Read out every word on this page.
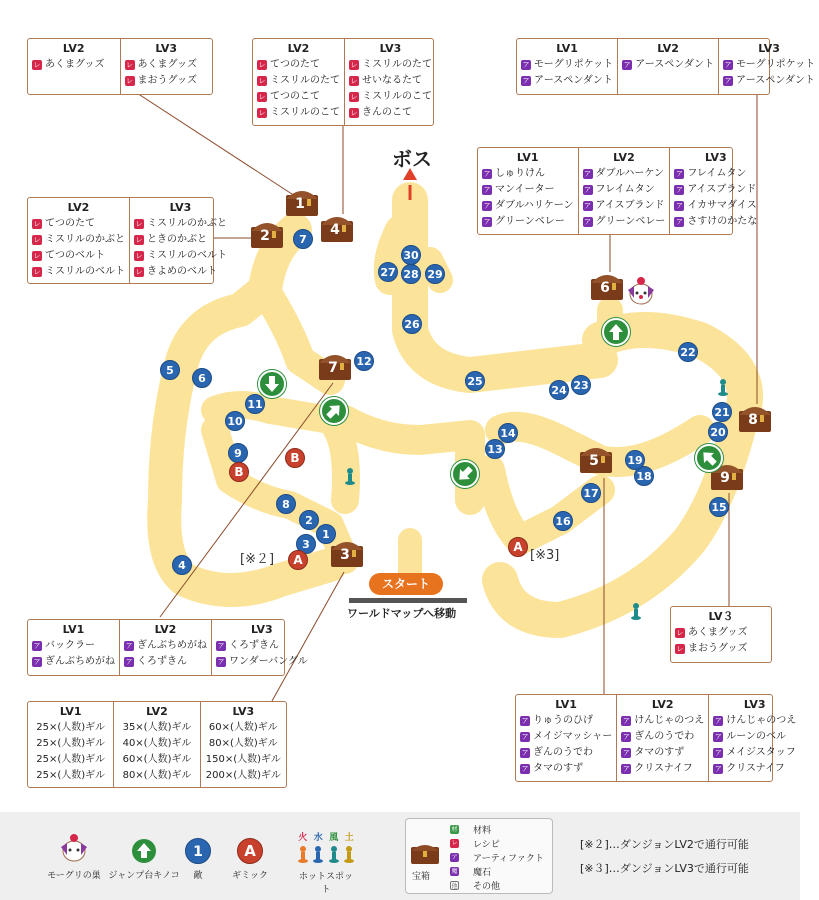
ボス
スタート
ワールドマップへ移動
[※２]	[※3]
1
2
3
4
5
6
7
8
9
10
11
12
13
14
15
16
17
18
19
20
21
22
23
24
25
26
27 28 29
30
A
A
B
B
1
2
3
4
5
6
7
8
9
LV2
レ あくまグッズ
LV3
レ あくまグッズ
レ まおうグッズ
LV2
レ てつのたて
レ ミスリルのたて
レ てつのこて
レ ミスリルのこて
LV3
レ ミスリルのたて
レ せいなるたて
レ ミスリルのこて
レ きんのこて
LV1
ア モーグリポケット
ア アースペンダント
LV2
ア アースペンダント
LV3
ア モーグリポケット
ア アースペンダント
LV2
レ てつのたて
レ ミスリルのかぶと
レ てつのベルト
レ ミスリルのベルト
LV3
レ ミスリルのかぶと
レ ときのかぶと
レ ミスリルのベルト
レ きよめのベルト
LV1
ア しゅりけん
ア マンイーター
ア ダブルハリケーン
ア グリーンベレー
LV2
ア ダブルハーケン
ア フレイムタン
ア アイスブランド
ア グリーンベレー
LV3
ア フレイムタン
ア アイスブランド
ア イカサマダイス
ア さすけのかたな
LV３
レ あくまグッズ
レ まおうグッズ
LV1
ア バックラー
ア ぎんぶちめがね
LV2
ア ぎんぶちめがね
ア くろずきん
LV3
ア くろずきん
ア ワンダーバングル
LV1
25×(人数)ギル
25×(人数)ギル
25×(人数)ギル
25×(人数)ギル
LV2
35×(人数)ギル
40×(人数)ギル
60×(人数)ギル
80×(人数)ギル
LV3
60×(人数)ギル
80×(人数)ギル
150×(人数)ギル
200×(人数)ギル
LV1
ア りゅうのひげ
ア メイジマッシャー
ア ぎんのうでわ
ア タマのすず
LV2
ア けんじゃのつえ
ア ぎんのうでわ
ア タマのすず
ア クリスナイフ
LV3
ア けんじゃのつえ
ア ルーンのベル
ア メイジスタッフ
ア クリスナイフ
モーグリの巣 ジャンプ台キノコ
1
敵
A
ギミック
火 水 風 土
ホットスポット
宝箱
材 材料
レ レシピ
ア アーティファクト
魔 魔石
他 その他
[※２]…ダンジョンLV2で通行可能
[※３]…ダンジョンLV3で通行可能
